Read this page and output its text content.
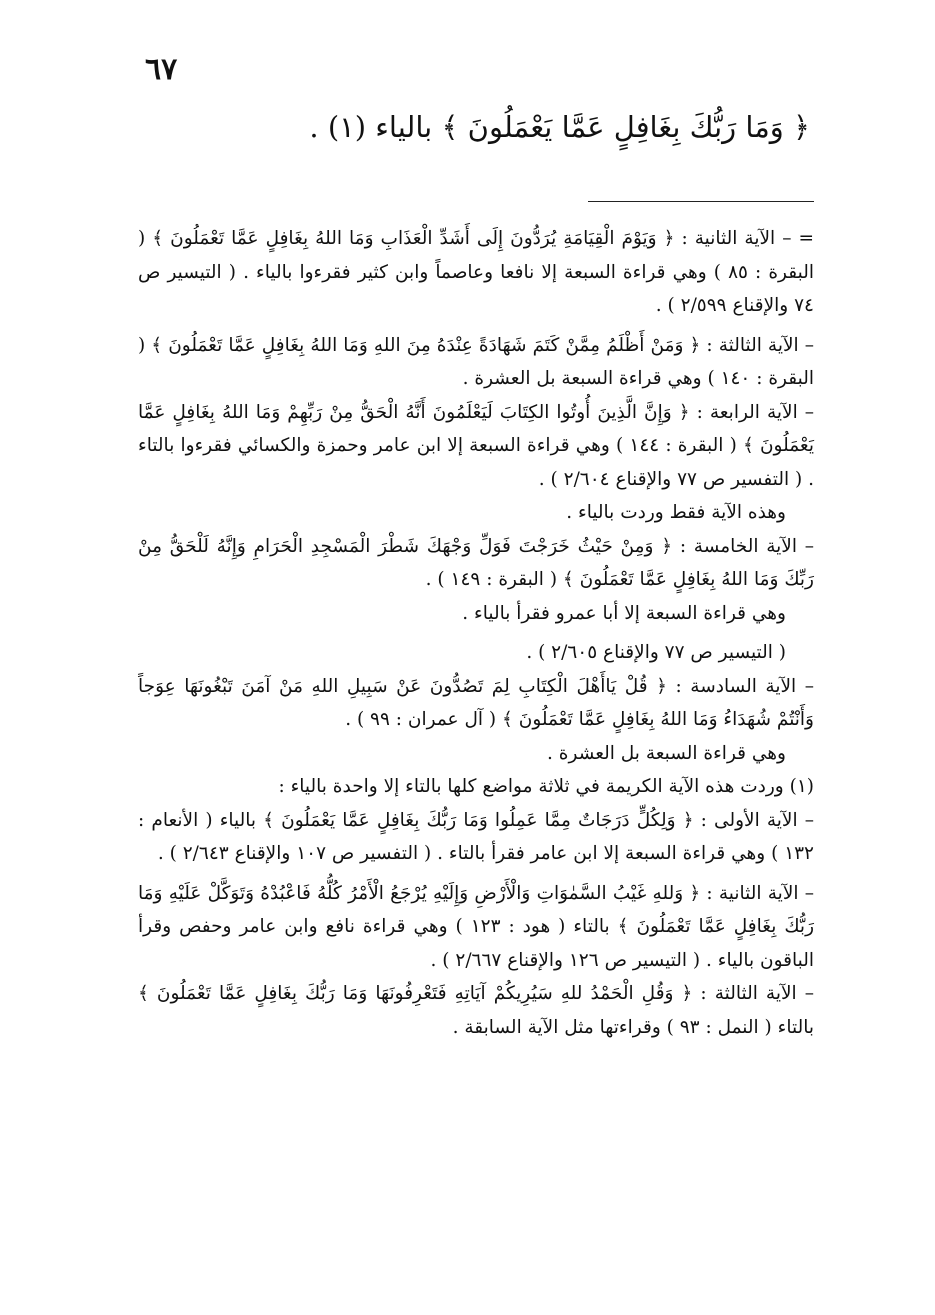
٦٧
﴿ وَمَا رَبُّكَ بِغَافِلٍ عَمَّا يَعْمَلُونَ ﴾ بالياء (١) .

= – الآية الثانية : ﴿ وَيَوْمَ الْقِيَامَةِ يُرَدُّونَ إِلَى أَشَدِّ الْعَذَابِ وَمَا اللهُ بِغَافِلٍ عَمَّا تَعْمَلُونَ ﴾ ( البقرة : ٨٥ ) وهي قراءة السبعة إلا نافعا وعاصماً وابن كثير فقرءوا بالياء . ( التيسير ص ٧٤ والإقناع ٢/٥٩٩ ) .

– الآية الثالثة : ﴿ وَمَنْ أَظْلَمُ مِمَّنْ كَتَمَ شَهَادَةً عِنْدَهُ مِنَ اللهِ وَمَا اللهُ بِغَافِلٍ عَمَّا تَعْمَلُونَ ﴾ ( البقرة : ١٤٠ ) وهي قراءة السبعة بل العشرة .

– الآية الرابعة : ﴿ وَإِنَّ الَّذِينَ أُوتُوا الكِتَابَ لَيَعْلَمُونَ أَنَّهُ الْحَقُّ مِنْ رَبِّهِمْ وَمَا اللهُ بِغَافِلٍ عَمَّا يَعْمَلُونَ ﴾ ( البقرة : ١٤٤ ) وهي قراءة السبعة إلا ابن عامر وحمزة والكسائي فقرءوا بالتاء . ( التفسير ص ٧٧ والإقناع ٢/٦٠٤ ) .

وهذه الآية فقط وردت بالياء .

– الآية الخامسة : ﴿ وَمِنْ حَيْثُ خَرَجْتَ فَوَلِّ وَجْهَكَ شَطْرَ الْمَسْجِدِ الْحَرَامِ وَإِنَّهُ لَلْحَقُّ مِنْ رَبِّكَ وَمَا اللهُ بِغَافِلٍ عَمَّا تَعْمَلُونَ ﴾ ( البقرة : ١٤٩ ) .

وهي قراءة السبعة إلا أبا عمرو فقرأ بالياء .

( التيسير ص ٧٧ والإقناع ٢/٦٠٥ ) .

– الآية السادسة : ﴿ قُلْ يَاأَهْلَ الْكِتَابِ لِمَ تَصُدُّونَ عَنْ سَبِيلِ اللهِ مَنْ آمَنَ تَبْغُونَهَا عِوَجاً وَأَنْتُمْ شُهَدَاءُ وَمَا اللهُ بِغَافِلٍ عَمَّا تَعْمَلُونَ ﴾ ( آل عمران : ٩٩ ) .

وهي قراءة السبعة بل العشرة .

(١) وردت هذه الآية الكريمة في ثلاثة مواضع كلها بالتاء إلا واحدة بالياء :

– الآية الأولى : ﴿ وَلِكُلٍّ دَرَجَاتٌ مِمَّا عَمِلُوا وَمَا رَبُّكَ بِغَافِلٍ عَمَّا يَعْمَلُونَ ﴾ بالياء ( الأنعام : ١٣٢ ) وهي قراءة السبعة إلا ابن عامر فقرأ بالتاء . ( التفسير ص ١٠٧ والإقناع ٢/٦٤٣ ) .

– الآية الثانية : ﴿ وَللهِ غَيْبُ السَّمٰوَاتِ وَالْأَرْضِ وَإِلَيْهِ يُرْجَعُ الْأَمْرُ كُلُّهُ فَاعْبُدْهُ وَتَوَكَّلْ عَلَيْهِ وَمَا رَبُّكَ بِغَافِلٍ عَمَّا تَعْمَلُونَ ﴾ بالتاء ( هود : ١٢٣ ) وهي قراءة نافع وابن عامر وحفص وقرأ الباقون بالياء . ( التيسير ص ١٢٦ والإقناع ٢/٦٦٧ ) .

– الآية الثالثة : ﴿ وَقُلِ الْحَمْدُ للهِ سَيُرِيكُمْ آيَاتِهِ فَتَعْرِفُونَهَا وَمَا رَبُّكَ بِغَافِلٍ عَمَّا تَعْمَلُونَ ﴾ بالتاء ( النمل : ٩٣ ) وقراءتها مثل الآية السابقة .
